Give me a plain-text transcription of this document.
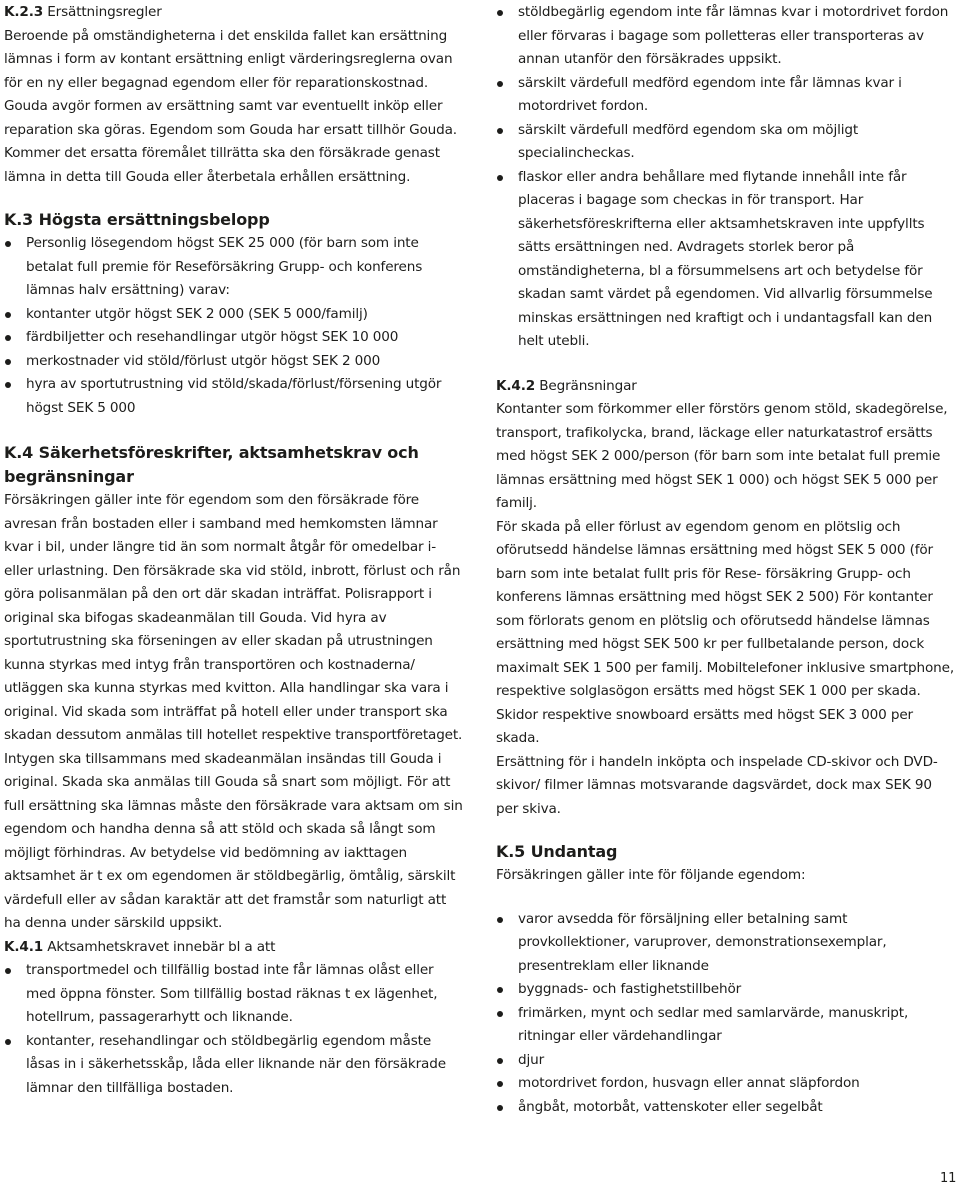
K.2.3 Ersättningsregler

Beroende på omständigheterna i det enskilda fallet kan ersättning lämnas i form av kontant ersättning enligt värderingsreglerna ovan för en ny eller begagnad egendom eller för reparationskostnad. Gouda avgör formen av ersättning samt var eventuellt inköp eller reparation ska göras. Egendom som Gouda har ersatt tillhör Gouda. Kommer det ersatta föremålet tillrätta ska den försäkrade genast lämna in detta till Gouda eller återbetala erhållen ersättning.

K.3 Högsta ersättningsbelopp

Personlig lösegendom högst SEK 25 000 (för barn som inte betalat full premie för Reseförsäkring Grupp- och konferens lämnas halv ersättning) varav:
kontanter utgör högst SEK 2 000 (SEK 5 000/familj)
färdbiljetter och resehandlingar utgör högst SEK 10 000
merkostnader vid stöld/förlust utgör högst SEK 2 000
hyra av sportutrustning vid stöld/skada/förlust/försening utgör högst SEK 5 000

K.4 Säkerhetsföreskrifter, aktsamhetskrav och begränsningar

Försäkringen gäller inte för egendom som den försäkrade före avresan från bostaden eller i samband med hemkomsten lämnar kvar i bil, under längre tid än som normalt åtgår för omedelbar i- eller urlastning. Den försäkrade ska vid stöld, inbrott, förlust och rån göra polisanmälan på den ort där skadan inträffat. Polisrapport i original ska bifogas skadeanmälan till Gouda. Vid hyra av sportutrustning ska förseningen av eller skadan på utrustningen kunna styrkas med intyg från transportören och kostnaderna/ utläggen ska kunna styrkas med kvitton. Alla handlingar ska vara i original. Vid skada som inträffat på hotell eller under transport ska skadan dessutom anmälas till hotellet respektive transportföretaget. Intygen ska tillsammans med skadeanmälan insändas till Gouda i original. Skada ska anmälas till Gouda så snart som möjligt. För att full ersättning ska lämnas måste den försäkrade vara aktsam om sin egendom och handha denna så att stöld och skada så långt som möjligt förhindras. Av betydelse vid bedömning av iakttagen aktsamhet är t ex om egendomen är stöldbegärlig, ömtålig, särskilt värdefull eller av sådan karaktär att det framstår som naturligt att ha denna under särskild uppsikt.

K.4.1 Aktsamhetskravet innebär bl a att

transportmedel och tillfällig bostad inte får lämnas olåst eller med öppna fönster. Som tillfällig bostad räknas t ex lägenhet, hotellrum, passagerarhytt och liknande.
kontanter, resehandlingar och stöldbegärlig egendom måste låsas in i säkerhetsskåp, låda eller liknande när den försäkrade lämnar den tillfälliga bostaden.
stöldbegärlig egendom inte får lämnas kvar i motordrivet fordon eller förvaras i bagage som polletteras eller transporteras av annan utanför den försäkrades uppsikt.
särskilt värdefull medförd egendom inte får lämnas kvar i motordrivet fordon.
särskilt värdefull medförd egendom ska om möjligt specialincheckas.
flaskor eller andra behållare med flytande innehåll inte får placeras i bagage som checkas in för transport. Har säkerhetsföreskrifterna eller aktsamhetskraven inte uppfyllts sätts ersättningen ned. Avdragets storlek beror på omständigheterna, bl a försummelsens art och betydelse för skadan samt värdet på egendomen. Vid allvarlig försummelse minskas ersättningen ned kraftigt och i undantagsfall kan den helt utebli.

K.4.2 Begränsningar

Kontanter som förkommer eller förstörs genom stöld, skadegörelse, transport, trafikolycka, brand, läckage eller naturkatastrof ersätts med högst SEK 2 000/person (för barn som inte betalat full premie lämnas ersättning med högst SEK 1 000) och högst SEK 5 000 per familj.

För skada på eller förlust av egendom genom en plötslig och oförutsedd händelse lämnas ersättning med högst SEK 5 000 (för barn som inte betalat fullt pris för Rese- försäkring Grupp- och konferens lämnas ersättning med högst SEK 2 500) För kontanter som förlorats genom en plötslig och oförutsedd händelse lämnas ersättning med högst SEK 500 kr per fullbetalande person, dock maximalt SEK 1 500 per familj. Mobiltelefoner inklusive smartphone, respektive solglasögon ersätts med högst SEK 1 000 per skada. Skidor respektive snowboard ersätts med högst SEK 3 000 per skada.

Ersättning för i handeln inköpta och inspelade CD-skivor och DVD-skivor/ filmer lämnas motsvarande dagsvärdet, dock max SEK 90 per skiva.

K.5 Undantag

Försäkringen gäller inte för följande egendom:

varor avsedda för försäljning eller betalning samt provkollektioner, varuprover, demonstrationsexemplar, presentreklam eller liknande
byggnads- och fastighetstillbehör
frimärken, mynt och sedlar med samlarvärde, manuskript, ritningar eller värdehandlingar
djur
motordrivet fordon, husvagn eller annat släpfordon
ångbåt, motorbåt, vattenskoter eller segelbåt
11
